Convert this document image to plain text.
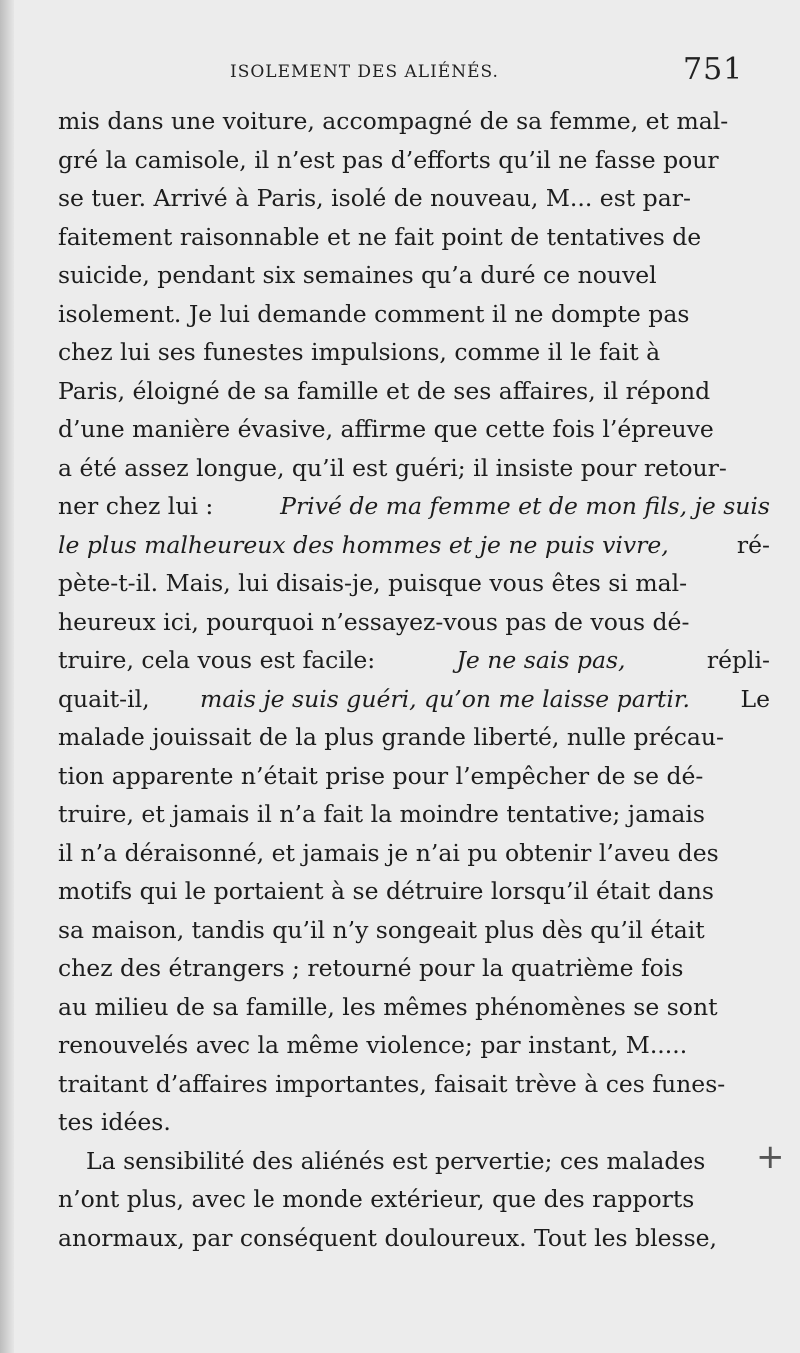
ISOLEMENT DES ALIÉNÉS.	751
mis dans une voiture, accompagné de sa femme, et mal-
gré la camisole, il n’est pas d’efforts qu’il ne fasse pour
se tuer. Arrivé à Paris, isolé de nouveau, M... est par-
faitement raisonnable et ne fait point de tentatives de
suicide, pendant six semaines qu’a duré ce nouvel
isolement. Je lui demande comment il ne dompte pas
chez lui ses funestes impulsions, comme il le fait à
Paris, éloigné de sa famille et de ses affaires, il répond
d’une manière évasive, affirme que cette fois l’épreuve
a été assez longue, qu’il est guéri; il insiste pour retour-
ner chez lui :	Privé de ma femme et de mon fils, je suis
le plus malheureux des hommes et je ne puis vivre,	ré-
pète-t-il. Mais, lui disais-je, puisque vous êtes si mal-
heureux ici, pourquoi n’essayez-vous pas de vous dé-
truire, cela vous est facile:	Je ne sais pas,	répli-
quait-il, mais je suis guéri, qu’on me laisse partir. Le
malade jouissait de la plus grande liberté, nulle précau-
tion apparente n’était prise pour l’empêcher de se dé-
truire, et jamais il n’a fait la moindre tentative; jamais
il n’a déraisonné, et jamais je n’ai pu obtenir l’aveu des
motifs qui le portaient à se détruire lorsqu’il était dans
sa maison, tandis qu’il n’y songeait plus dès qu’il était
chez des étrangers ; retourné pour la quatrième fois
au milieu de sa famille, les mêmes phénomènes se sont
renouvelés avec la même violence; par instant, M.....
traitant d’affaires importantes, faisait trève à ces funes-
tes idées.
La sensibilité des aliénés est pervertie; ces malades
n’ont plus, avec le monde extérieur, que des rapports
anormaux, par conséquent douloureux. Tout les blesse,
+
